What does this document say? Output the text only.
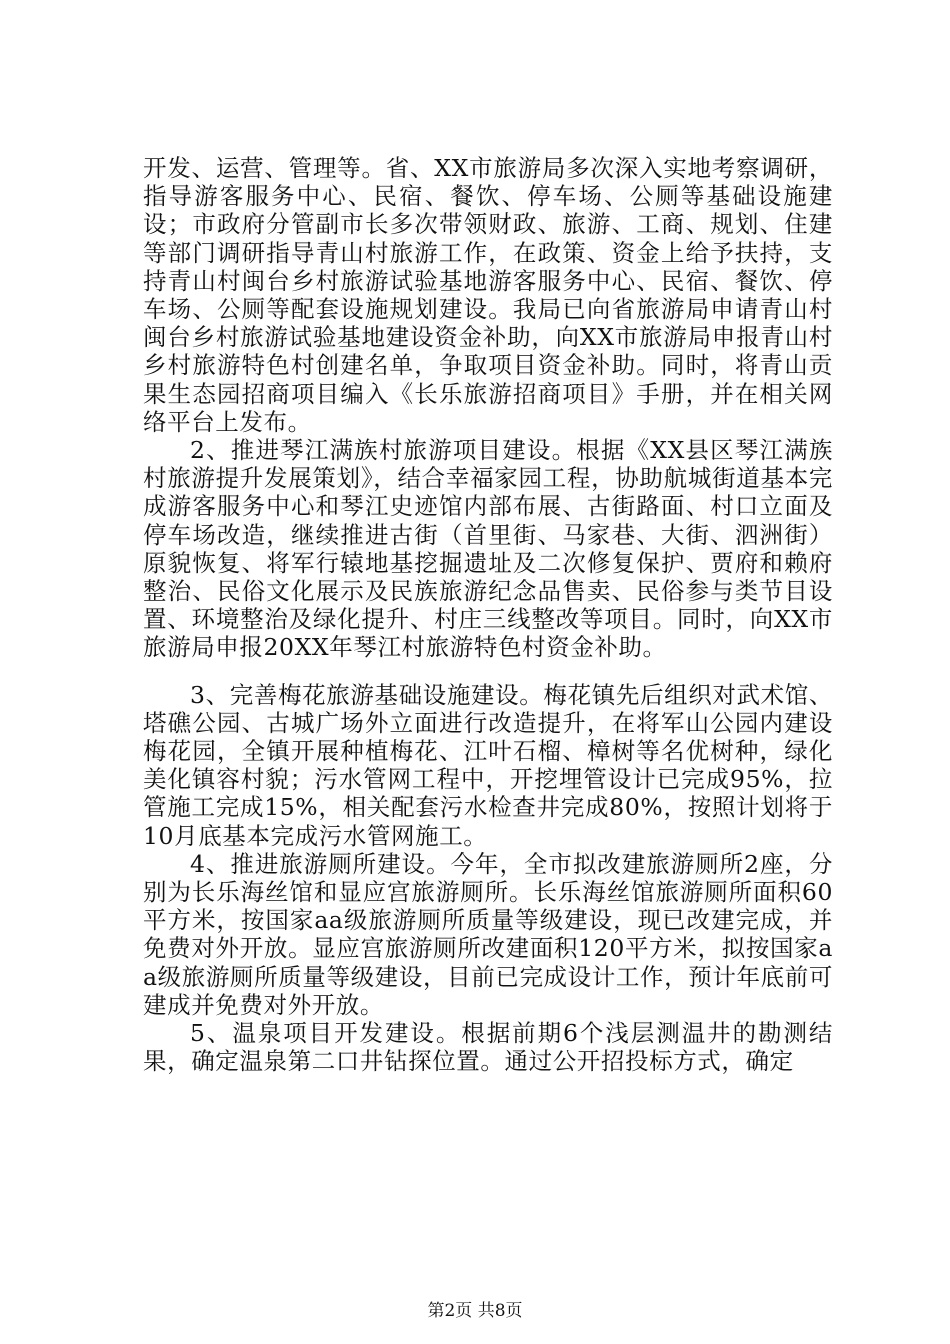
开发、运营、管理等。省、XX市旅游局多次深入实地考察调研，指导游客服务中心、民宿、餐饮、停车场、公厕等基础设施建设；市政府分管副市长多次带领财政、旅游、工商、规划、住建等部门调研指导青山村旅游工作，在政策、资金上给予扶持，支持青山村闽台乡村旅游试验基地游客服务中心、民宿、餐饮、停车场、公厕等配套设施规划建设。我局已向省旅游局申请青山村闽台乡村旅游试验基地建设资金补助，向XX市旅游局申报青山村乡村旅游特色村创建名单，争取项目资金补助。同时，将青山贡果生态园招商项目编入《长乐旅游招商项目》手册，并在相关网络平台上发布。

2、推进琴江满族村旅游项目建设。根据《XX县区琴江满族村旅游提升发展策划》，结合幸福家园工程，协助航城街道基本完成游客服务中心和琴江史迹馆内部布展、古街路面、村口立面及停车场改造，继续推进古街（首里街、马家巷、大街、泗洲街）原貌恢复、将军行辕地基挖掘遗址及二次修复保护、贾府和赖府整治、民俗文化展示及民族旅游纪念品售卖、民俗参与类节目设置、环境整治及绿化提升、村庄三线整改等项目。同时，向XX市旅游局申报20XX年琴江村旅游特色村资金补助。

3、完善梅花旅游基础设施建设。梅花镇先后组织对武术馆、塔礁公园、古城广场外立面进行改造提升，在将军山公园内建设梅花园，全镇开展种植梅花、江叶石榴、樟树等名优树种，绿化美化镇容村貌；污水管网工程中，开挖埋管设计已完成95%，拉管施工完成15%，相关配套污水检查井完成80%，按照计划将于10月底基本完成污水管网施工。

4、推进旅游厕所建设。今年，全市拟改建旅游厕所2座，分别为长乐海丝馆和显应宫旅游厕所。长乐海丝馆旅游厕所面积60平方米，按国家aa级旅游厕所质量等级建设，现已改建完成，并免费对外开放。显应宫旅游厕所改建面积120平方米，拟按国家aa级旅游厕所质量等级建设，目前已完成设计工作，预计年底前可建成并免费对外开放。

5、温泉项目开发建设。根据前期6个浅层测温井的勘测结果，确定温泉第二口井钻探位置。通过公开招投标方式，确定

第2页 共8页
